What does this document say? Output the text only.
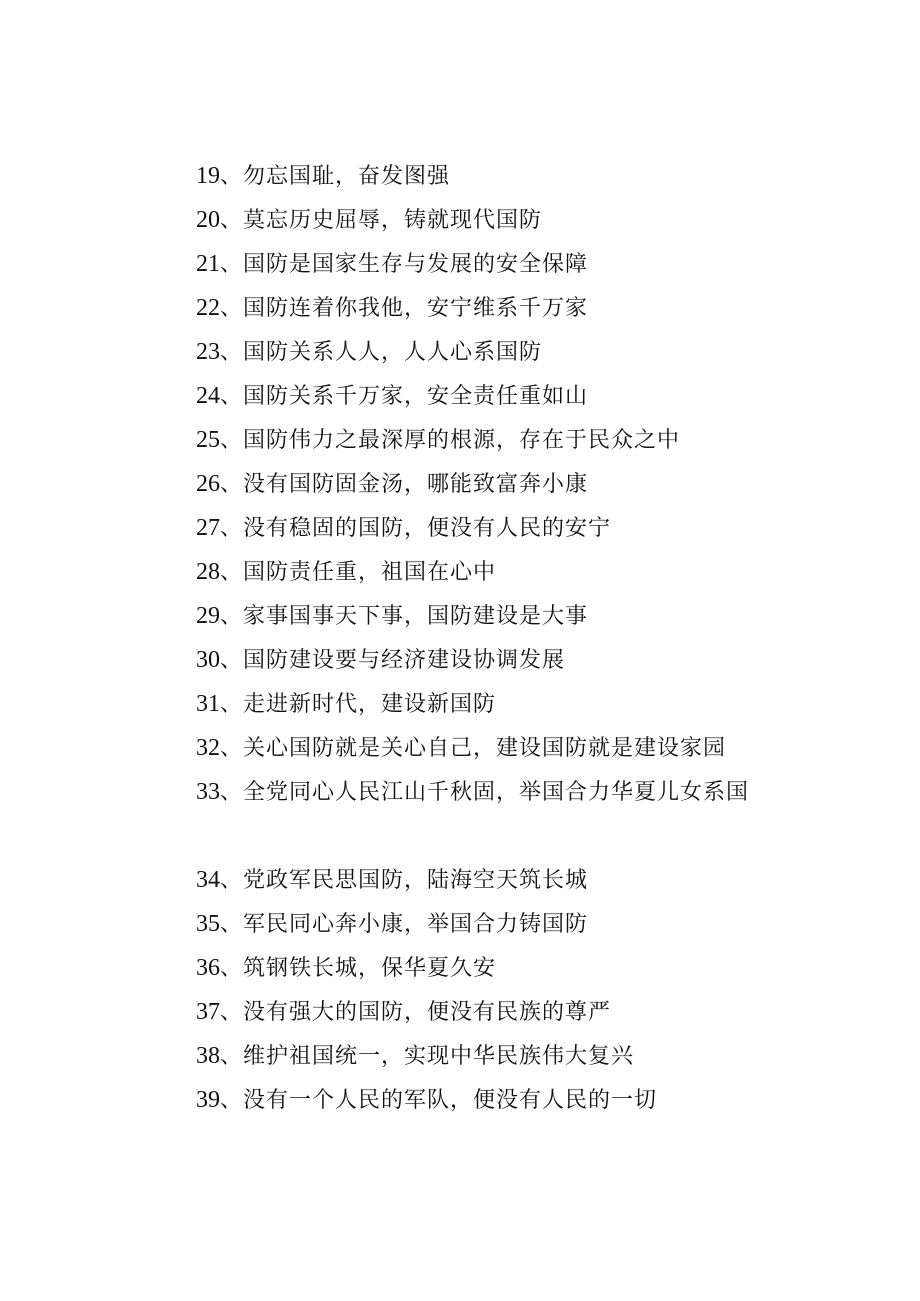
19、勿忘国耻，奋发图强
20、莫忘历史屈辱，铸就现代国防
21、国防是国家生存与发展的安全保障
22、国防连着你我他，安宁维系千万家
23、国防关系人人，人人心系国防
24、国防关系千万家，安全责任重如山
25、国防伟力之最深厚的根源，存在于民众之中
26、没有国防固金汤，哪能致富奔小康
27、没有稳固的国防，便没有人民的安宁
28、国防责任重，祖国在心中
29、家事国事天下事，国防建设是大事
30、国防建设要与经济建设协调发展
31、走进新时代，建设新国防
32、关心国防就是关心自己，建设国防就是建设家园
33、全党同心人民江山千秋固，举国合力华夏儿女系国
34、党政军民思国防，陆海空天筑长城
35、军民同心奔小康，举国合力铸国防
36、筑钢铁长城，保华夏久安
37、没有强大的国防，便没有民族的尊严
38、维护祖国统一，实现中华民族伟大复兴
39、没有一个人民的军队，便没有人民的一切
